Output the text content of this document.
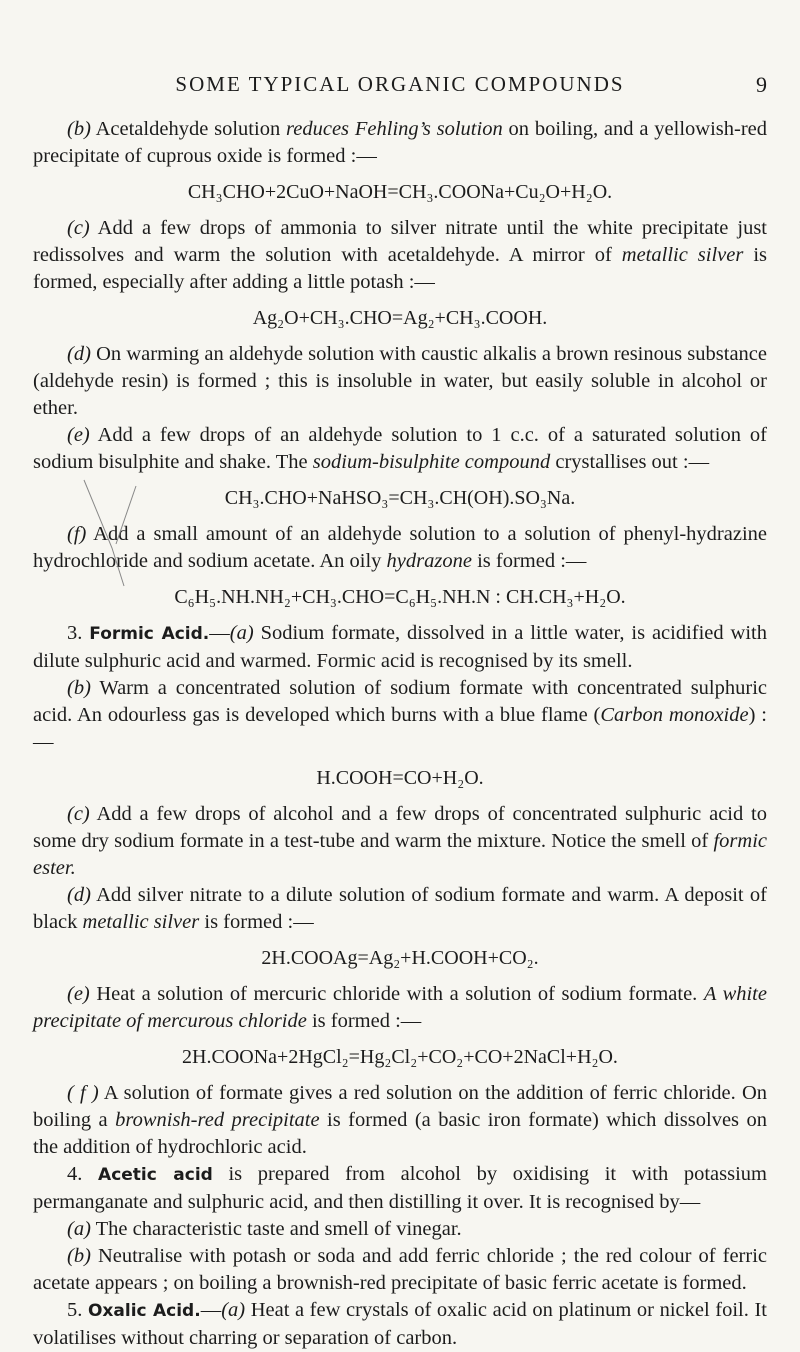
SOME TYPICAL ORGANIC COMPOUNDS	9

(b) Acetaldehyde solution reduces Fehling’s solution on boiling, and a yellowish-red precipitate of cuprous oxide is formed :—

CH₃CHO+2CuO+NaOH=CH₃.COONa+Cu₂O+H₂O.

(c) Add a few drops of ammonia to silver nitrate until the white precipitate just redissolves and warm the solution with acetaldehyde. A mirror of metallic silver is formed, especially after adding a little potash :—

Ag₂O+CH₃.CHO=Ag₂+CH₃.COOH.

(d) On warming an aldehyde solution with caustic alkalis a brown resinous substance (aldehyde resin) is formed ; this is insoluble in water, but easily soluble in alcohol or ether.

(e) Add a few drops of an aldehyde solution to 1 c.c. of a saturated solution of sodium bisulphite and shake. The sodium-bisulphite compound crystallises out :—

CH₃.CHO+NaHSO₃=CH₃.CH(OH).SO₃Na.

(f) Add a small amount of an aldehyde solution to a solution of phenyl-hydrazine hydrochloride and sodium acetate. An oily hydrazone is formed :—

C₆H₅.NH.NH₂+CH₃.CHO=C₆H₅.NH.N : CH.CH₃+H₂O.

3. Formic Acid.—(a) Sodium formate, dissolved in a little water, is acidified with dilute sulphuric acid and warmed. Formic acid is recognised by its smell.

(b) Warm a concentrated solution of sodium formate with concentrated sulphuric acid. An odourless gas is developed which burns with a blue flame (Carbon monoxide) :—

H.COOH=CO+H₂O.

(c) Add a few drops of alcohol and a few drops of concentrated sulphuric acid to some dry sodium formate in a test-tube and warm the mixture. Notice the smell of formic ester.

(d) Add silver nitrate to a dilute solution of sodium formate and warm. A deposit of black metallic silver is formed :—

2H.COOAg=Ag₂+H.COOH+CO₂.

(e) Heat a solution of mercuric chloride with a solution of sodium formate. A white precipitate of mercurous chloride is formed :—

2H.COONa+2HgCl₂=Hg₂Cl₂+CO₂+CO+2NaCl+H₂O.

( f ) A solution of formate gives a red solution on the addition of ferric chloride. On boiling a brownish-red precipitate is formed (a basic iron formate) which dissolves on the addition of hydrochloric acid.

4. Acetic acid is prepared from alcohol by oxidising it with potassium permanganate and sulphuric acid, and then distilling it over. It is recognised by—

(a) The characteristic taste and smell of vinegar.

(b) Neutralise with potash or soda and add ferric chloride ; the red colour of ferric acetate appears ; on boiling a brownish-red precipitate of basic ferric acetate is formed.

5. Oxalic Acid.—(a) Heat a few crystals of oxalic acid on platinum or nickel foil. It volatilises without charring or separation of carbon.
